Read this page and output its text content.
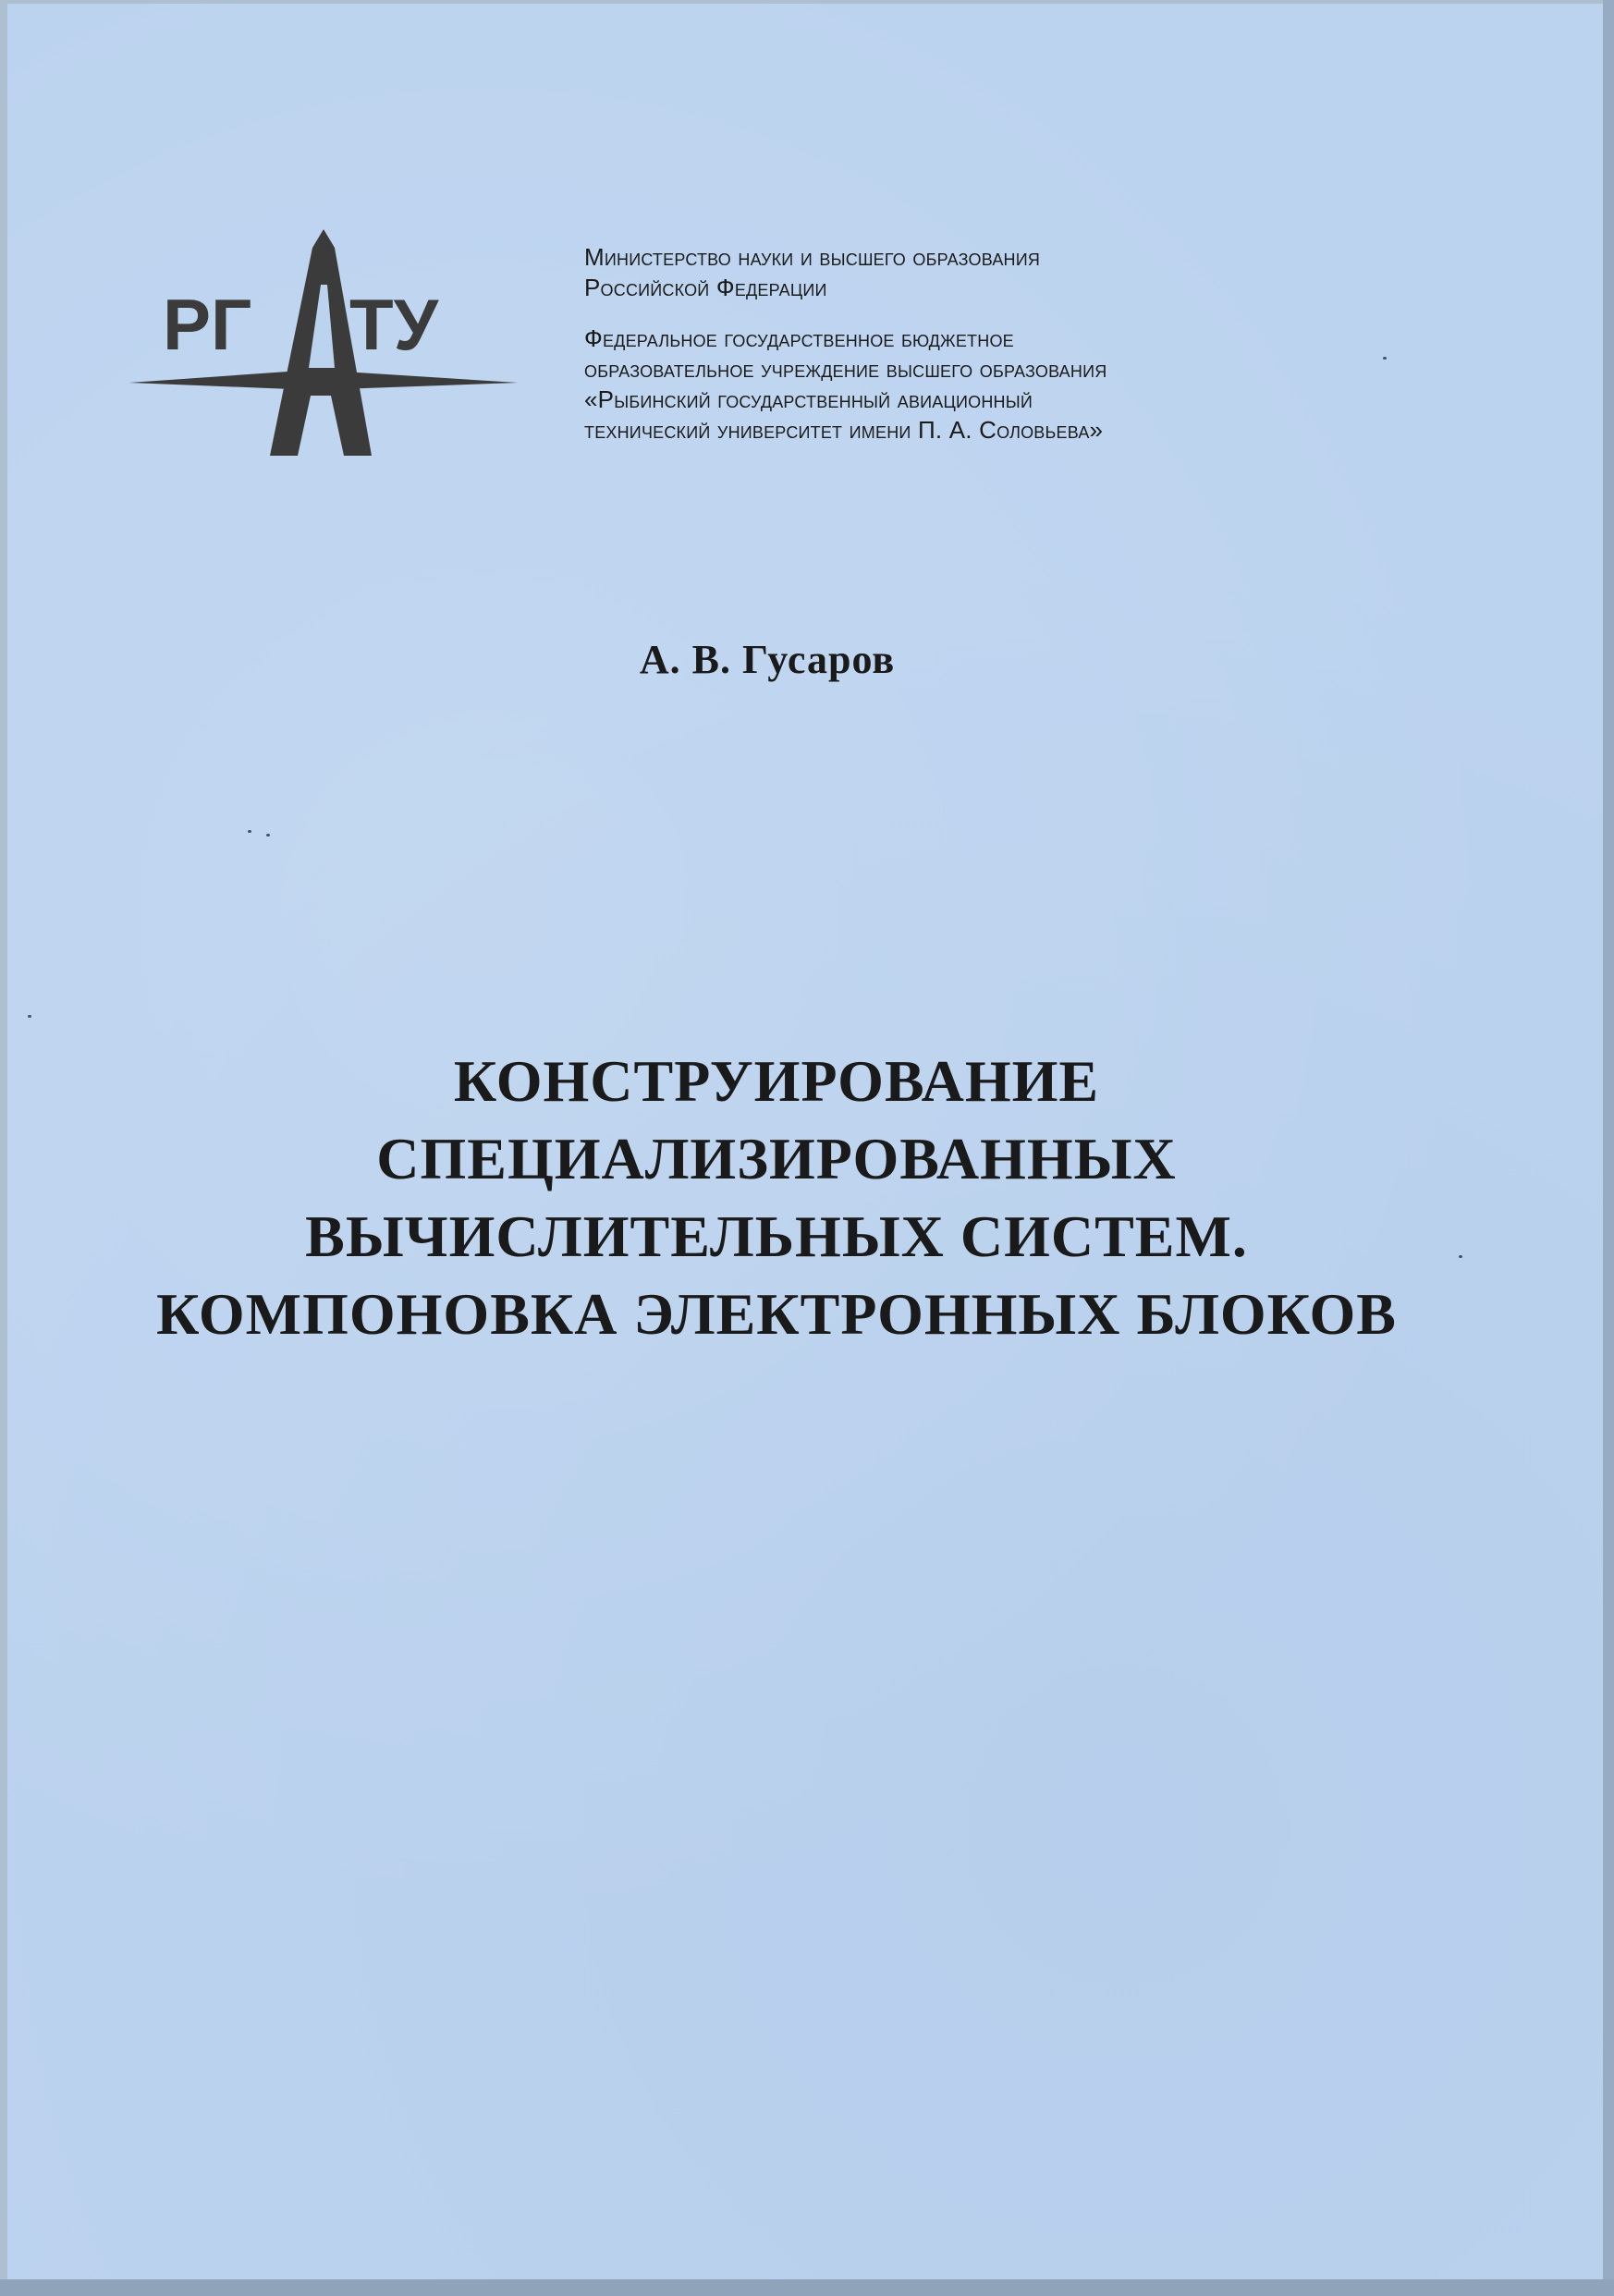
РГ ТУ
Министерство науки и высшего образования
Российской Федерации
Федеральное государственное бюджетное
образовательное учреждение высшего образования
«Рыбинский государственный авиационный
технический университет имени П. А. Соловьева»
А. В. Гусаров
КОНСТРУИРОВАНИЕ
СПЕЦИАЛИЗИРОВАННЫХ
ВЫЧИСЛИТЕЛЬНЫХ СИСТЕМ.
КОМПОНОВКА ЭЛЕКТРОННЫХ БЛОКОВ
